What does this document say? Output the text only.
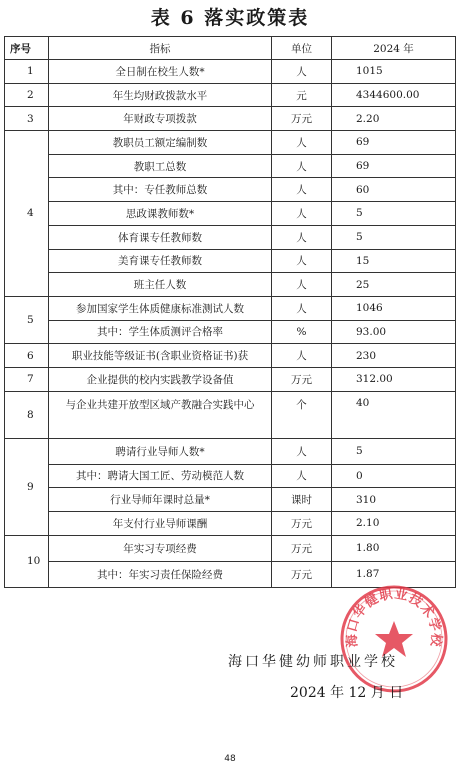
表 6 落实政策表
序号	指标	单位	2024 年
1	全日制在校生人数*	人	1015
2	年生均财政拨款水平	元	4344600.00
3	年财政专项拨款	万元	2.20
4	教职员工额定编制数	人	69
	教职工总数	人	69
	其中：专任教师总数	人	60
	思政课教师数*	人	5
	体育课专任教师数	人	5
	美育课专任教师数	人	15
	班主任人数	人	25
5	参加国家学生体质健康标准测试人数	人	1046
	其中：学生体质测评合格率	%	93.00
6	职业技能等级证书(含职业资格证书)获	人	230
7	企业提供的校内实践教学设备值	万元	312.00
8	与企业共建开放型区域产教融合实践中心	个	40
9	聘请行业导师人数*	人	5
	其中：聘请大国工匠、劳动模范人数	人	0
	行业导师年课时总量*	课时	310
	年支付行业导师课酬	万元	2.10
10	年实习专项经费	万元	1.80
	其中：年实习责任保险经费	万元	1.87
海口华健职业技术学校
海口华健幼师职业学校
2024 年 12 月 日
48
